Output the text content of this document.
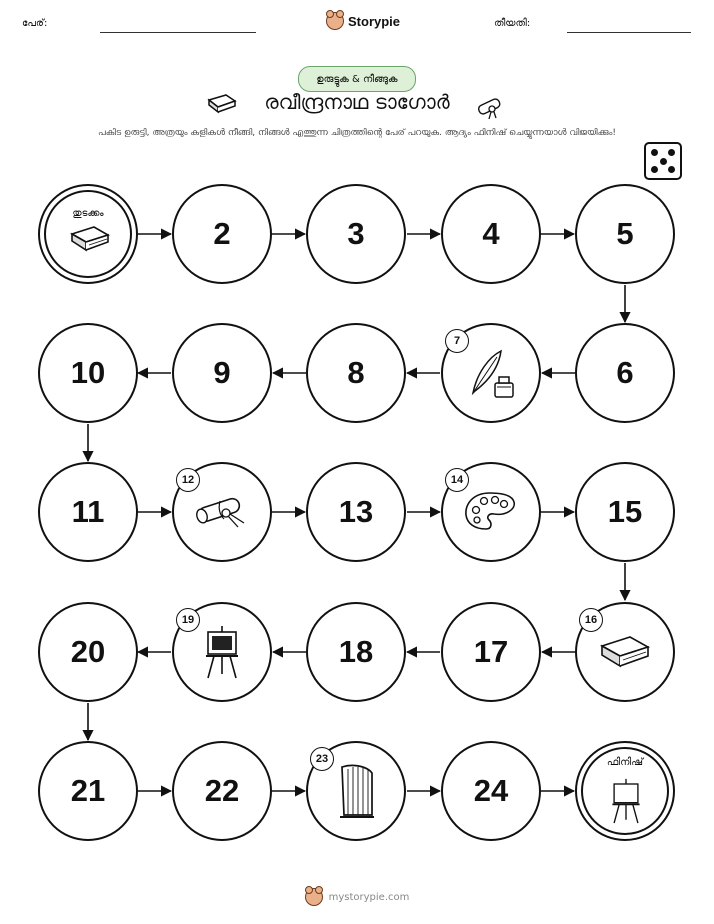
പേര്:	Storypie	തീയതി:
ഉരുട്ടുക & നീങ്ങുക
രവീന്ദ്രനാഥ ടാഗോർ
പകിട ഉരുട്ടി, അത്രയും കളികൾ നീങ്ങി, നിങ്ങൾ എത്തുന്ന ചിത്രത്തിന്റെ പേര് പറയുക. ആദ്യം ഫിനിഷ് ചെയ്യുന്നയാൾ വിജയിക്കും!
തുടക്കം
2	3	4	5
10	9	8
7
6
11
12
13
14
15
20
19
18	17
16
21	22
23
24
ഫിനിഷ്
mystorypie.com
